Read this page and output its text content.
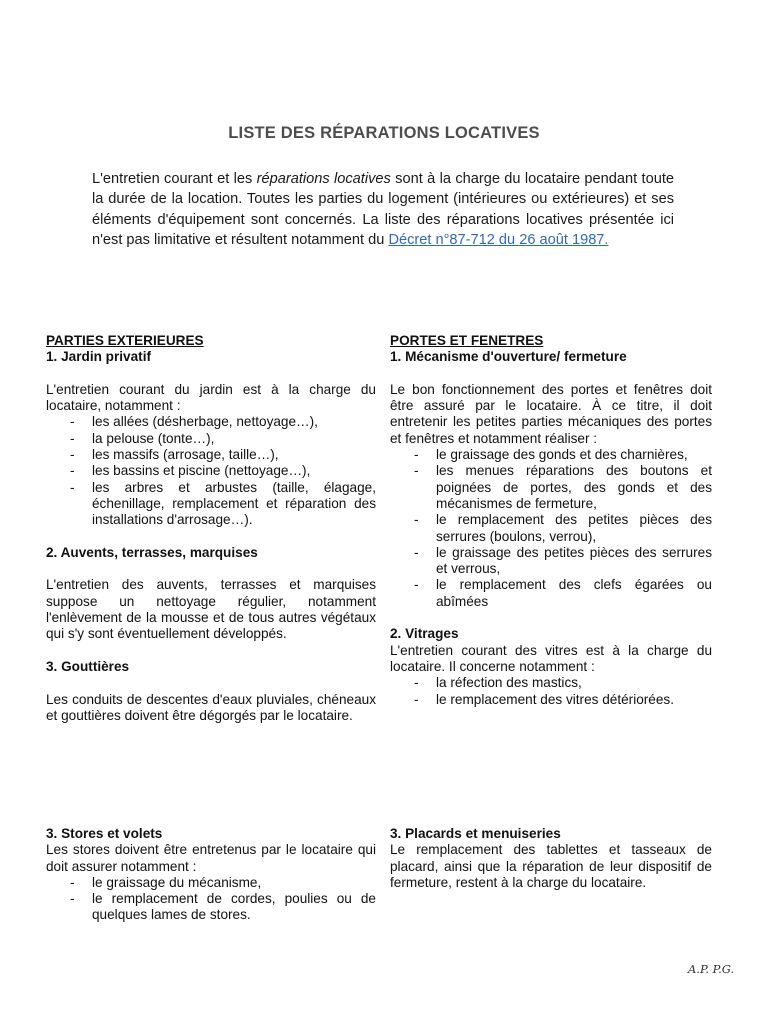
LISTE DES RÉPARATIONS LOCATIVES

L'entretien courant et les réparations locatives sont à la charge du locataire pendant toute la durée de la location. Toutes les parties du logement (intérieures ou extérieures) et ses éléments d'équipement sont concernés. La liste des réparations locatives présentée ici n'est pas limitative et résultent notamment du Décret n°87-712 du 26 août 1987.

PARTIES EXTERIEURES

1. Jardin privatif

L'entretien courant du jardin est à la charge du locataire, notamment :

- les allées (désherbage, nettoyage…),
- la pelouse (tonte…),
- les massifs (arrosage, taille…),
- les bassins et piscine (nettoyage…),
- les arbres et arbustes (taille, élagage, échenillage, remplacement et réparation des installations d'arrosage…).

2. Auvents, terrasses, marquises

L'entretien des auvents, terrasses et marquises suppose un nettoyage régulier, notamment l'enlèvement de la mousse et de tous autres végétaux qui s'y sont éventuellement développés.

3. Gouttières

Les conduits de descentes d'eaux pluviales, chéneaux et gouttières doivent être dégorgés par le locataire.

PORTES ET FENETRES

1. Mécanisme d'ouverture/ fermeture

Le bon fonctionnement des portes et fenêtres doit être assuré par le locataire. À ce titre, il doit entretenir les petites parties mécaniques des portes et fenêtres et notamment réaliser :

- le graissage des gonds et des charnières,
- les menues réparations des boutons et poignées de portes, des gonds et des mécanismes de fermeture,
- le remplacement des petites pièces des serrures (boulons, verrou),
- le graissage des petites pièces des serrures et verrous,
- le remplacement des clefs égarées ou abîmées

2. Vitrages

L'entretien courant des vitres est à la charge du locataire. Il concerne notamment :

- la réfection des mastics,
- le remplacement des vitres détériorées.

3. Stores et volets

Les stores doivent être entretenus par le locataire qui doit assurer notamment :

- le graissage du mécanisme,
- le remplacement de cordes, poulies ou de quelques lames de stores.

3. Placards et menuiseries

Le remplacement des tablettes et tasseaux de placard, ainsi que la réparation de leur dispositif de fermeture, restent à la charge du locataire.

A.P. P.G.
